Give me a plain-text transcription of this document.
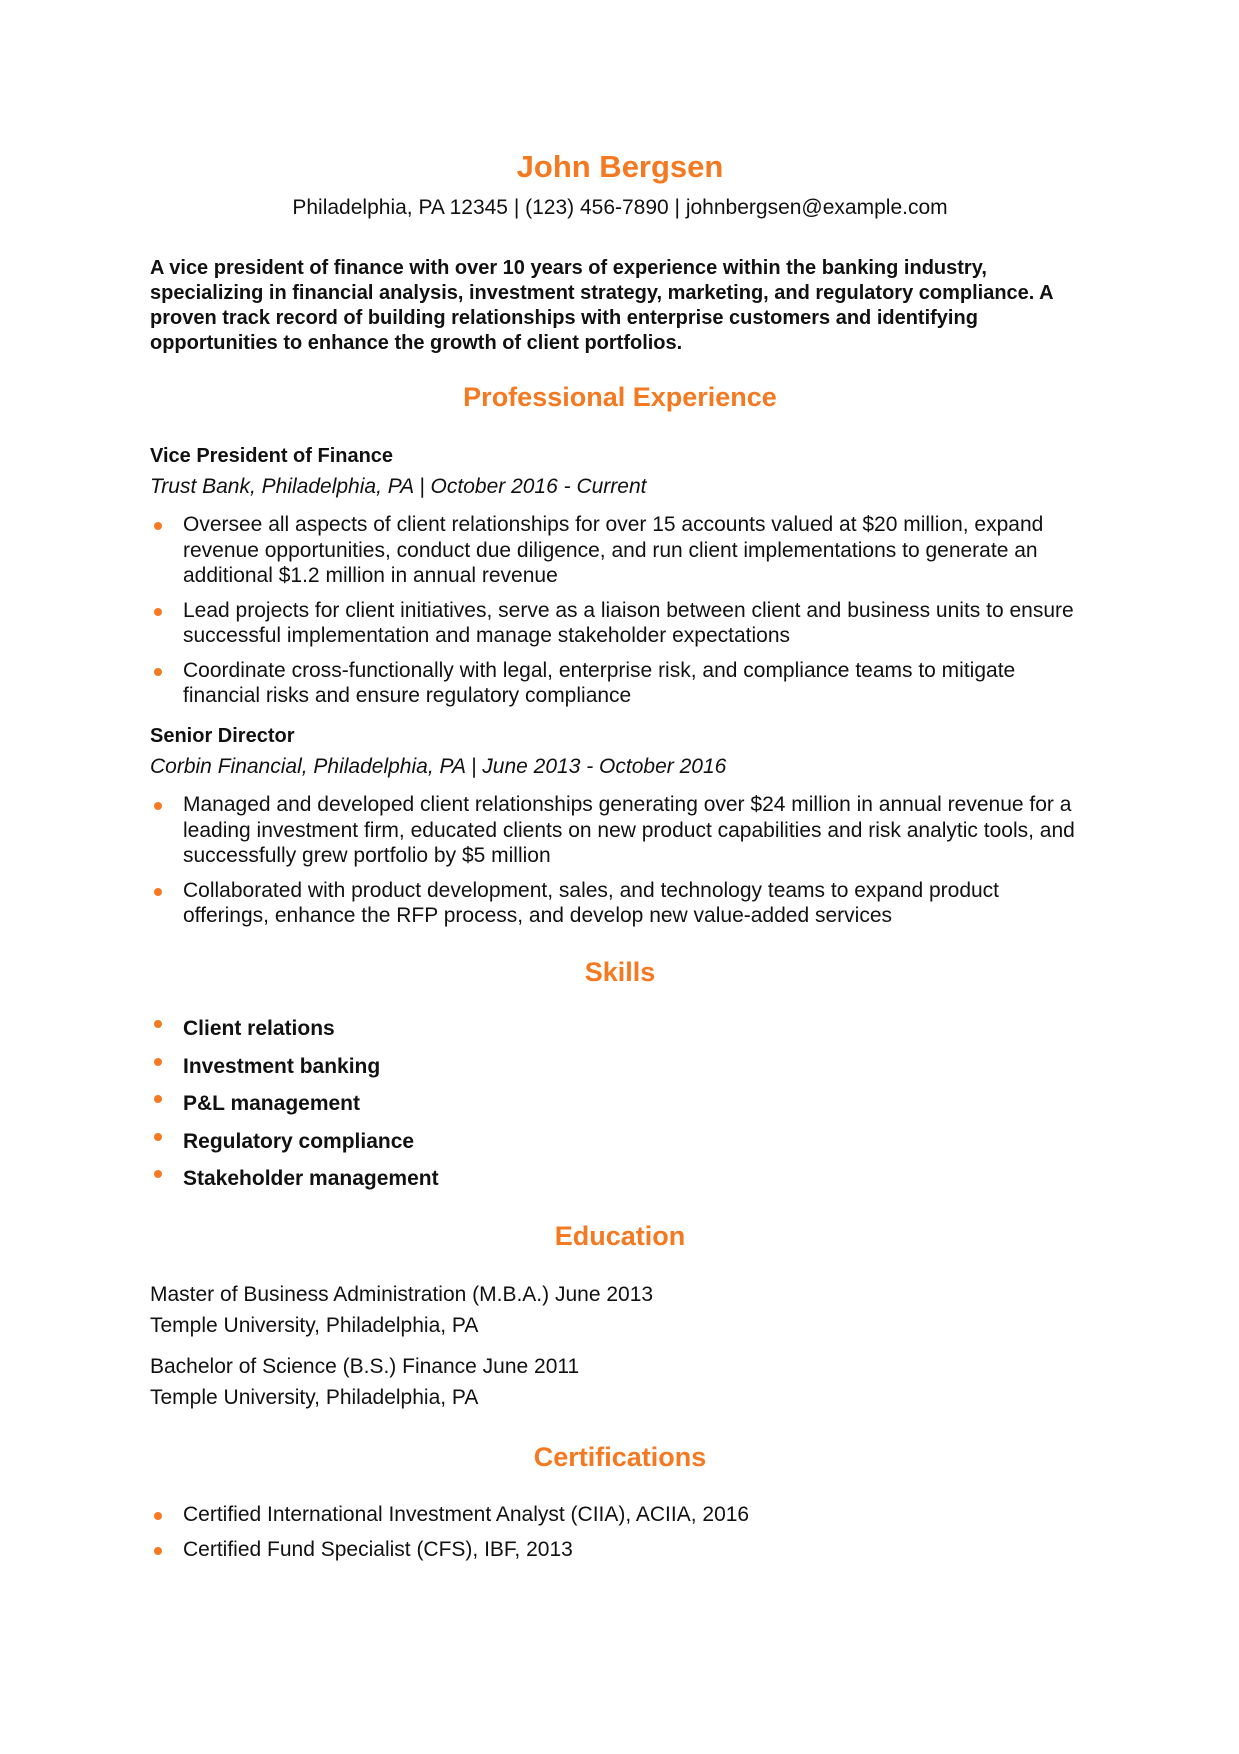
John Bergsen
Philadelphia, PA 12345 | (123) 456-7890 | johnbergsen@example.com
A vice president of finance with over 10 years of experience within the banking industry, specializing in financial analysis, investment strategy, marketing, and regulatory compliance. A proven track record of building relationships with enterprise customers and identifying opportunities to enhance the growth of client portfolios.
Professional Experience
Vice President of Finance
Trust Bank, Philadelphia, PA | October 2016 - Current
Oversee all aspects of client relationships for over 15 accounts valued at $20 million, expand revenue opportunities, conduct due diligence, and run client implementations to generate an additional $1.2 million in annual revenue
Lead projects for client initiatives, serve as a liaison between client and business units to ensure successful implementation and manage stakeholder expectations
Coordinate cross-functionally with legal, enterprise risk, and compliance teams to mitigate financial risks and ensure regulatory compliance
Senior Director
Corbin Financial, Philadelphia, PA | June 2013 - October 2016
Managed and developed client relationships generating over $24 million in annual revenue for a leading investment firm, educated clients on new product capabilities and risk analytic tools, and successfully grew portfolio by $5 million
Collaborated with product development, sales, and technology teams to expand product offerings, enhance the RFP process, and develop new value-added services
Skills
Client relations
Investment banking
P&L management
Regulatory compliance
Stakeholder management
Education
Master of Business Administration (M.B.A.) June 2013
Temple University, Philadelphia, PA
Bachelor of Science (B.S.) Finance June 2011
Temple University, Philadelphia, PA
Certifications
Certified International Investment Analyst (CIIA), ACIIA, 2016
Certified Fund Specialist (CFS), IBF, 2013
